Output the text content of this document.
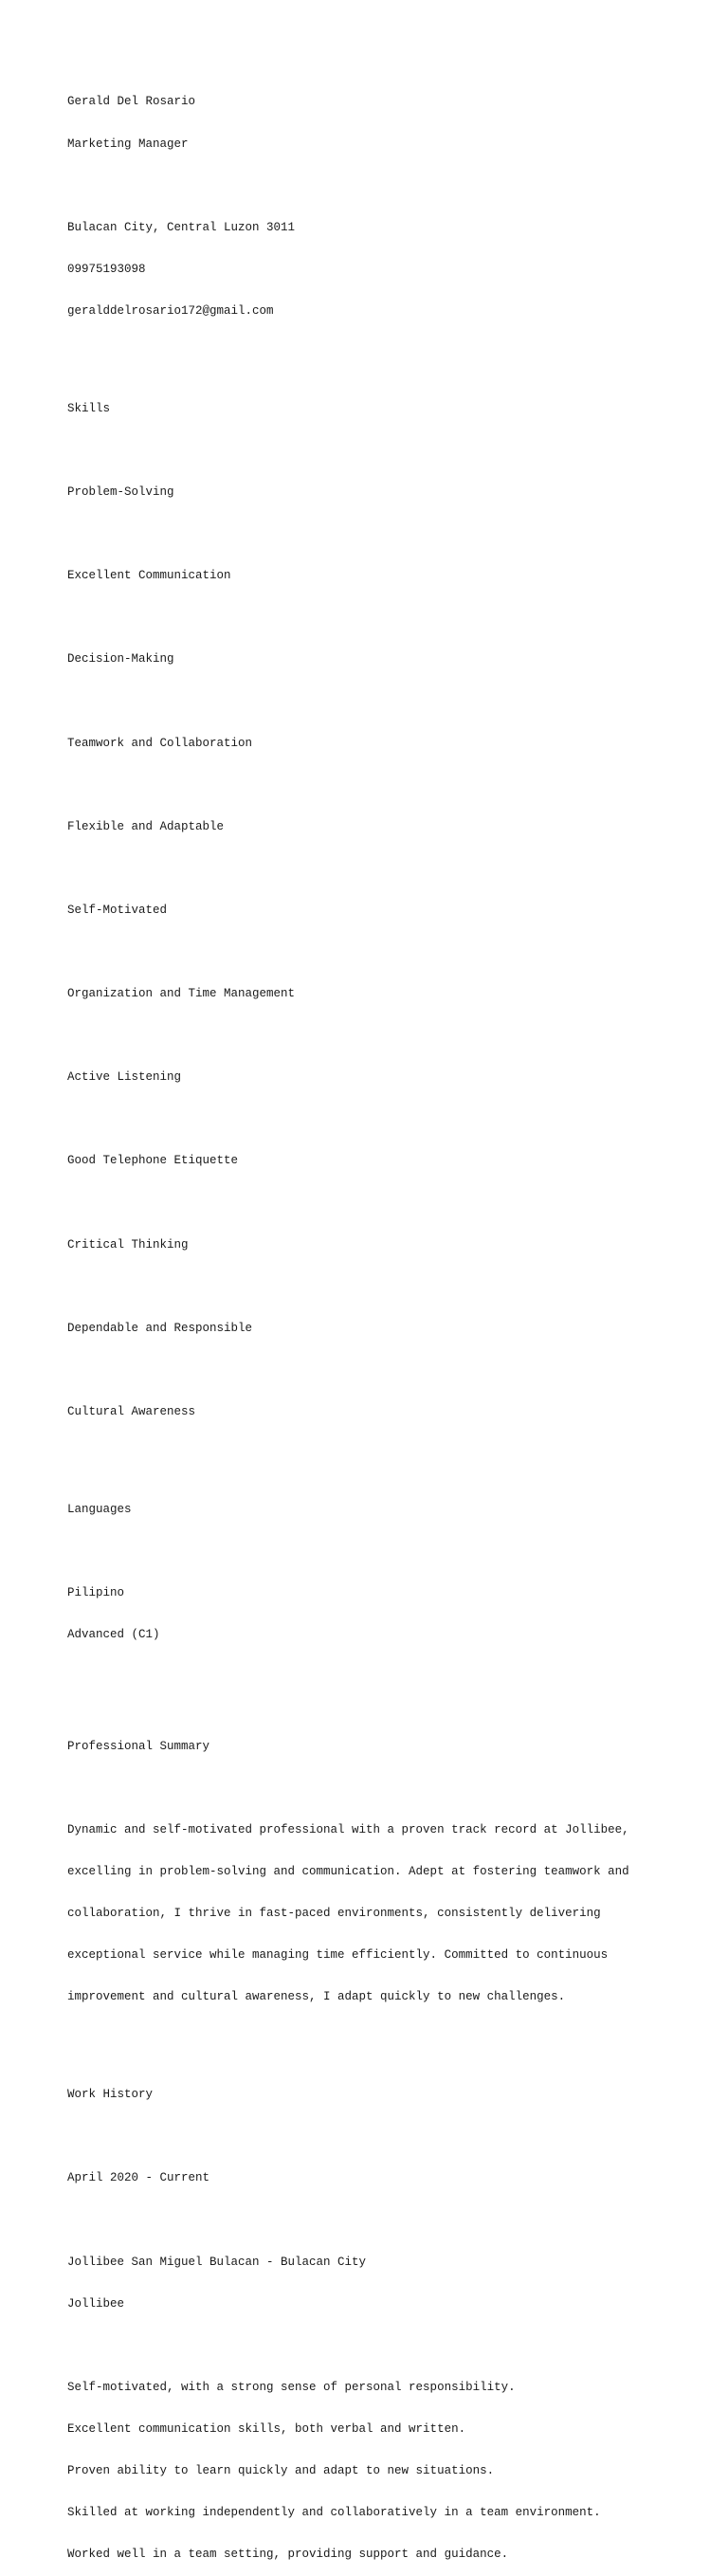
Gerald Del Rosario

Marketing Manager

Bulacan City, Central Luzon 3011

09975193098

geralddelrosario172@gmail.com

Skills

Problem-Solving

Excellent Communication

Decision-Making

Teamwork and Collaboration

Flexible and Adaptable

Self-Motivated

Organization and Time Management

Active Listening

Good Telephone Etiquette

Critical Thinking

Dependable and Responsible

Cultural Awareness

Languages

Pilipino

Advanced (C1)

Professional Summary

Dynamic and self-motivated professional with a proven track record at Jollibee,

excelling in problem-solving and communication. Adept at fostering teamwork and

collaboration, I thrive in fast-paced environments, consistently delivering

exceptional service while managing time efficiently. Committed to continuous

improvement and cultural awareness, I adapt quickly to new challenges.

Work History

April 2020 - Current

Jollibee San Miguel Bulacan - Bulacan City

Jollibee

Self-motivated, with a strong sense of personal responsibility.

Excellent communication skills, both verbal and written.

Proven ability to learn quickly and adapt to new situations.

Skilled at working independently and collaboratively in a team environment.

Worked well in a team setting, providing support and guidance.
